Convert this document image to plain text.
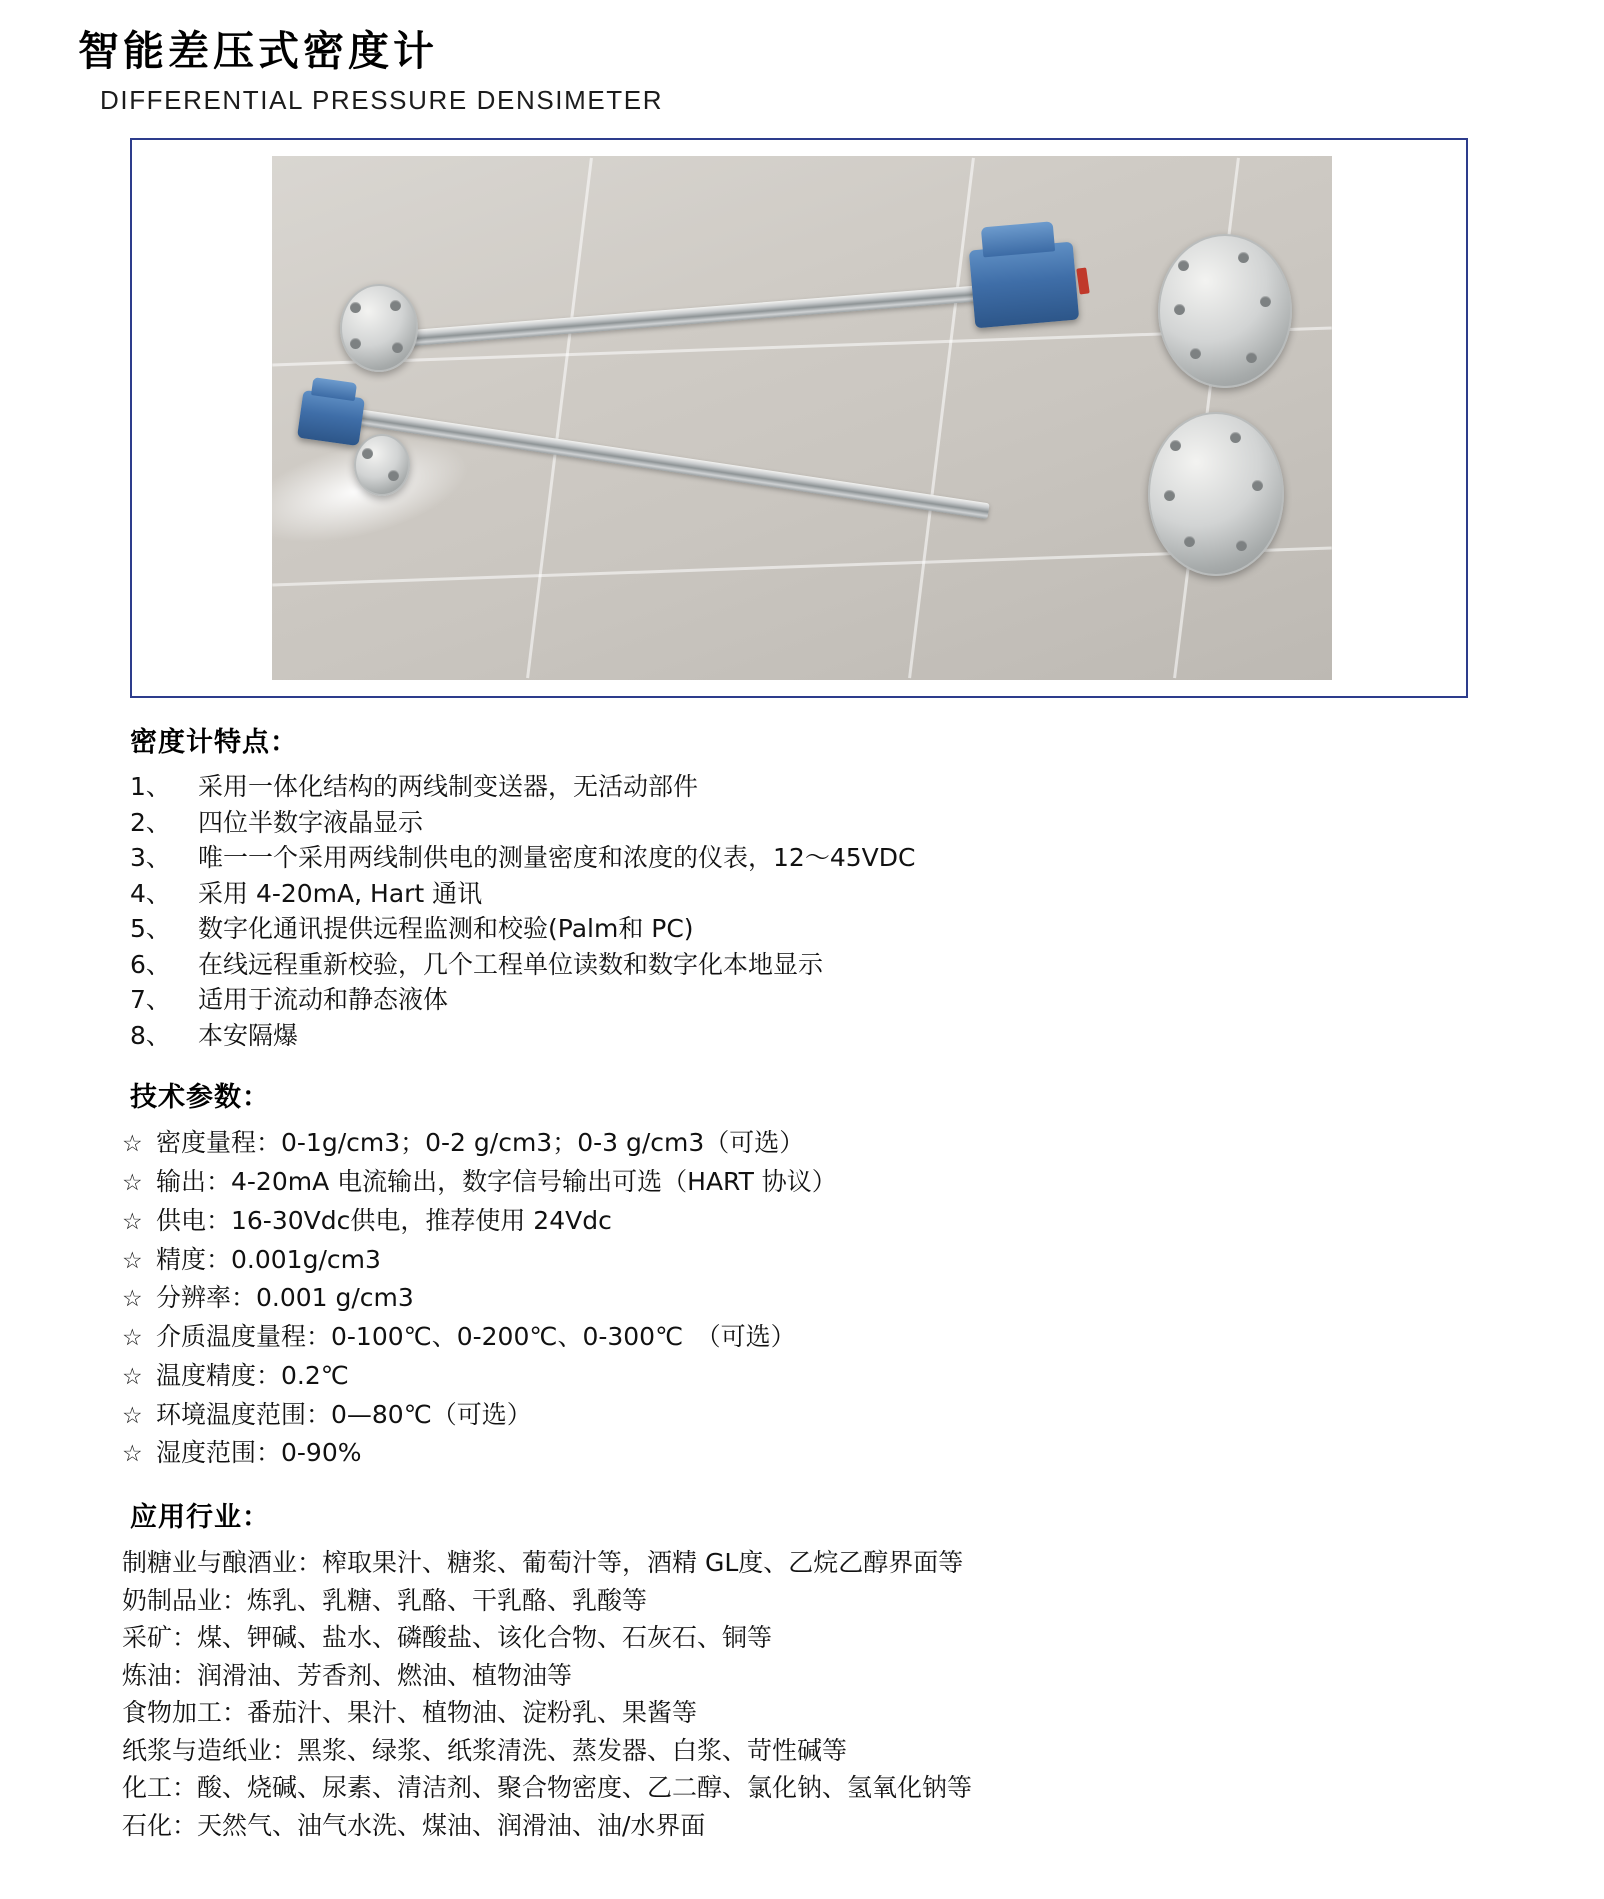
智能差压式密度计
DIFFERENTIAL PRESSURE DENSIMETER
密度计特点：
1、	采用一体化结构的两线制变送器，无活动部件
2、	四位半数字液晶显示
3、	唯一一个采用两线制供电的测量密度和浓度的仪表，12～45VDC
4、	采用 4-20mA, Hart 通讯
5、	数字化通讯提供远程监测和校验(Palm和 PC)
6、	在线远程重新校验，几个工程单位读数和数字化本地显示
7、	适用于流动和静态液体
8、	本安隔爆
技术参数：
☆ 密度量程：0-1g/cm3；0-2 g/cm3；0-3 g/cm3（可选）
☆ 输出：4-20mA 电流输出，数字信号输出可选（HART 协议）
☆ 供电：16-30Vdc供电，推荐使用 24Vdc
☆ 精度：0.001g/cm3
☆ 分辨率：0.001 g/cm3
☆ 介质温度量程：0-100℃、0-200℃、0-300℃　（可选）
☆ 温度精度：0.2℃
☆ 环境温度范围：0—80℃（可选）
☆ 湿度范围：0-90%
应用行业：
制糖业与酿酒业：榨取果汁、糖浆、葡萄汁等，酒精 GL度、乙烷乙醇界面等
奶制品业：炼乳、乳糖、乳酪、干乳酪、乳酸等
采矿：煤、钾碱、盐水、磷酸盐、该化合物、石灰石、铜等
炼油：润滑油、芳香剂、燃油、植物油等
食物加工：番茄汁、果汁、植物油、淀粉乳、果酱等
纸浆与造纸业：黑浆、绿浆、纸浆清洗、蒸发器、白浆、苛性碱等
化工：酸、烧碱、尿素、清洁剂、聚合物密度、乙二醇、氯化钠、氢氧化钠等
石化：天然气、油气水洗、煤油、润滑油、油/水界面
